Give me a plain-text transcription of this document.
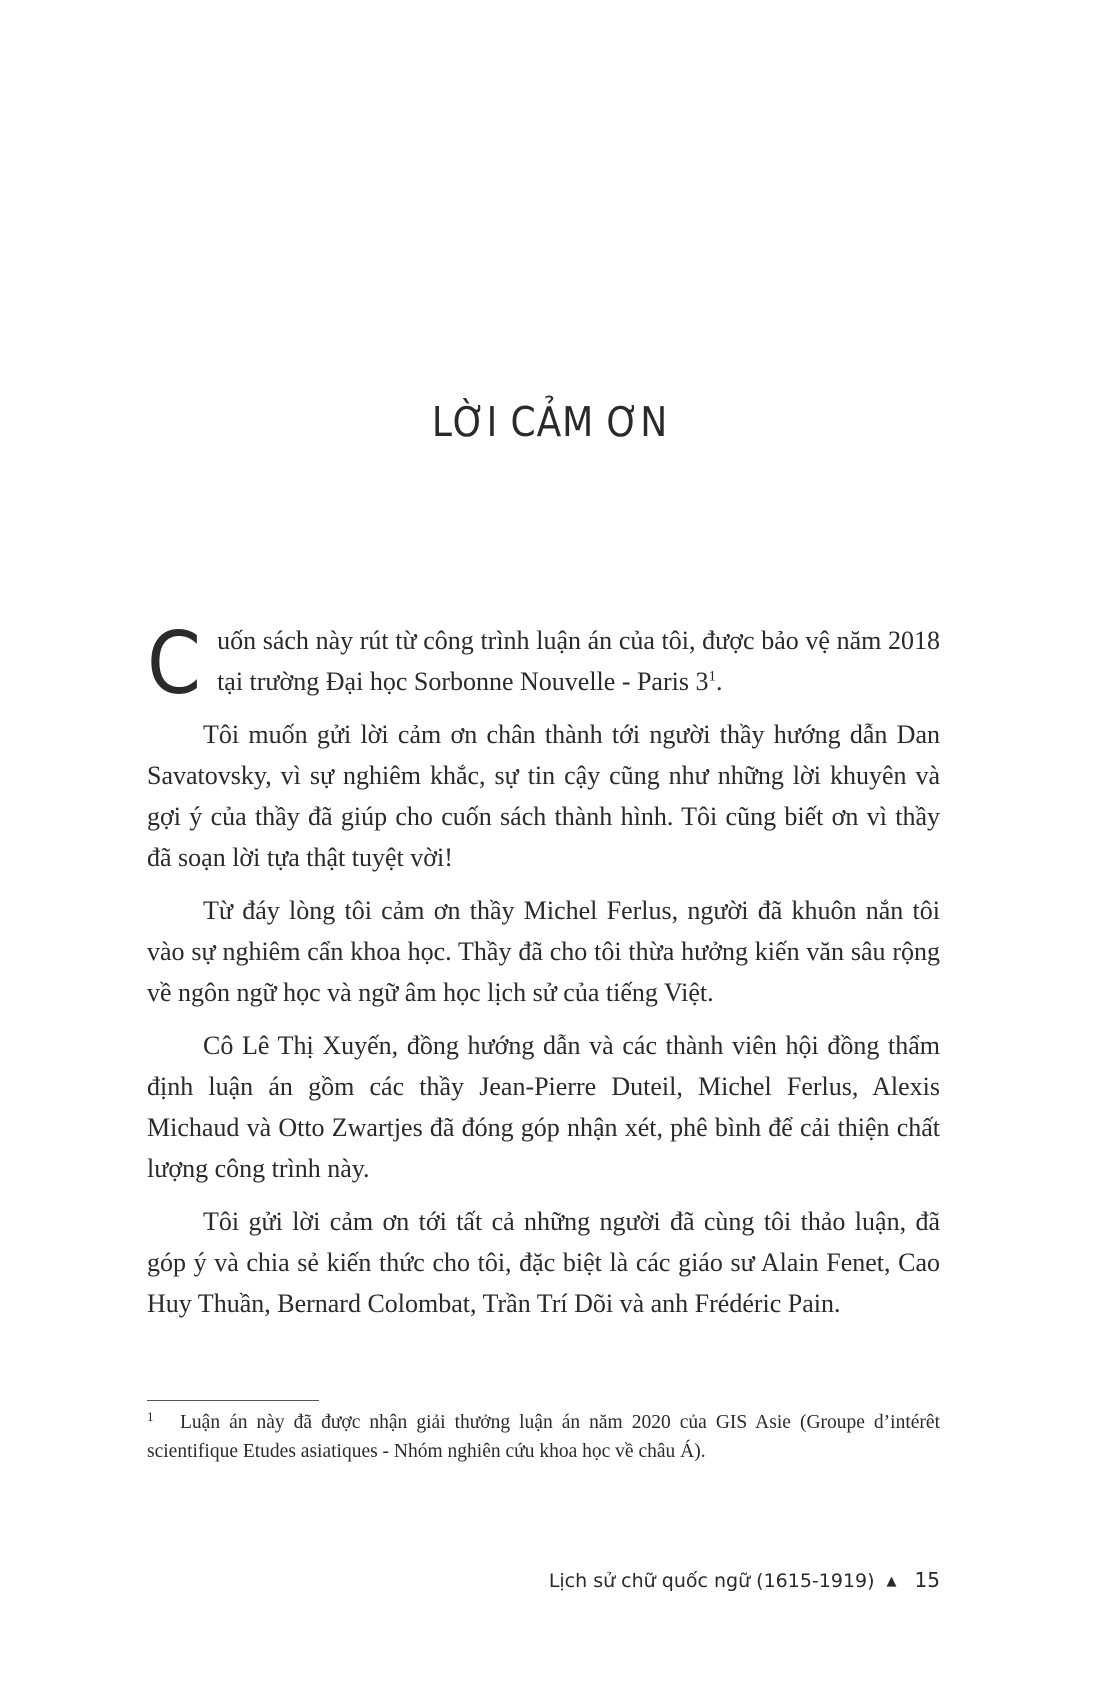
LỜI CẢM ƠN

Cuốn sách này rút từ công trình luận án của tôi, được bảo vệ năm 2018 tại trường Đại học Sorbonne Nouvelle - Paris $3^1$.

Tôi muốn gửi lời cảm ơn chân thành tới người thầy hướng dẫn Dan Savatovsky, vì sự nghiêm khắc, sự tin cậy cũng như những lời khuyên và gợi ý của thầy đã giúp cho cuốn sách thành hình. Tôi cũng biết ơn vì thầy đã soạn lời tựa thật tuyệt vời!

Từ đáy lòng tôi cảm ơn thầy Michel Ferlus, người đã khuôn nắn tôi vào sự nghiêm cẩn khoa học. Thầy đã cho tôi thừa hưởng kiến văn sâu rộng về ngôn ngữ học và ngữ âm học lịch sử của tiếng Việt.

Cô Lê Thị Xuyến, đồng hướng dẫn và các thành viên hội đồng thẩm định luận án gồm các thầy Jean-Pierre Duteil, Michel Ferlus, Alexis Michaud và Otto Zwartjes đã đóng góp nhận xét, phê bình để cải thiện chất lượng công trình này.

Tôi gửi lời cảm ơn tới tất cả những người đã cùng tôi thảo luận, đã góp ý và chia sẻ kiến thức cho tôi, đặc biệt là các giáo sư Alain Fenet, Cao Huy Thuần, Bernard Colombat, Trần Trí Dõi và anh Frédéric Pain.

1 Luận án này đã được nhận giải thưởng luận án năm 2020 của GIS Asie (Groupe d’intérêt scientifique Etudes asiatiques - Nhóm nghiên cứu khoa học về châu Á).
Lịch sử chữ quốc ngữ (1615-1919) ▲ 15
